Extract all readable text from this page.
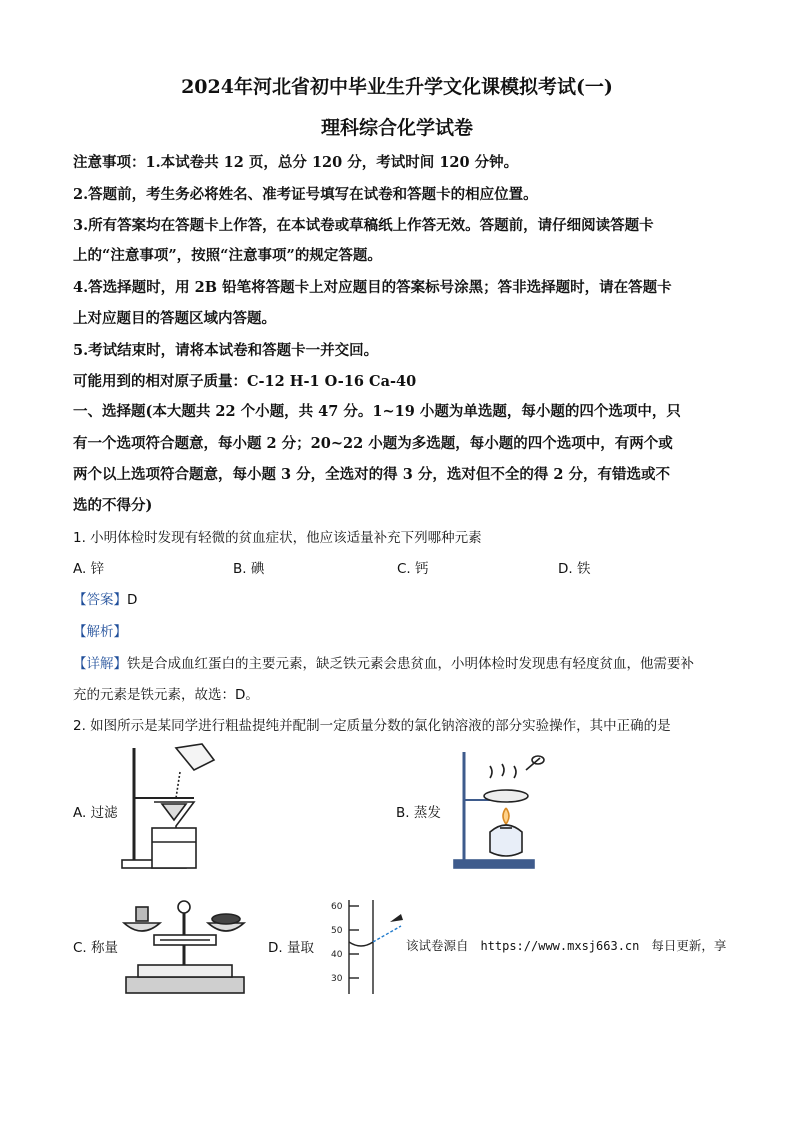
2024年河北省初中毕业生升学文化课模拟考试(一)
理科综合化学试卷
注意事项：1.本试卷共 12 页，总分 120 分，考试时间 120 分钟。
2.答题前，考生务必将姓名、准考证号填写在试卷和答题卡的相应位置。
3.所有答案均在答题卡上作答，在本试卷或草稿纸上作答无效。答题前，请仔细阅读答题卡
上的“注意事项”，按照“注意事项”的规定答题。
4.答选择题时，用 2B 铅笔将答题卡上对应题目的答案标号涂黑；答非选择题时，请在答题卡
上对应题目的答题区域内答题。
5.考试结束时，请将本试卷和答题卡一并交回。
可能用到的相对原子质量：C-12 H-1 O-16 Ca-40
一、选择题(本大题共 22 个小题，共 47 分。1~19 小题为单选题，每小题的四个选项中，只
有一个选项符合题意，每小题 2 分；20~22 小题为多选题，每小题的四个选项中，有两个或
两个以上选项符合题意，每小题 3 分，全选对的得 3 分，选对但不全的得 2 分，有错选或不
选的不得分)
1. 小明体检时发现有轻微的贫血症状，他应该适量补充下列哪种元素
A. 锌	B. 碘	C. 钙	D. 铁
【答案】D
【解析】
【详解】铁是合成血红蛋白的主要元素，缺乏铁元素会患贫血，小明体检时发现患有轻度贫血，他需要补
充的元素是铁元素，故选：D。
2. 如图所示是某同学进行粗盐提纯并配制一定质量分数的氯化钠溶液的部分实验操作，其中正确的是
A. 过滤	B. 蒸发
C. 称量	D. 量取
60
50
40
30
该试卷源自 https://www.mxsj663.cn 每日更新，享
